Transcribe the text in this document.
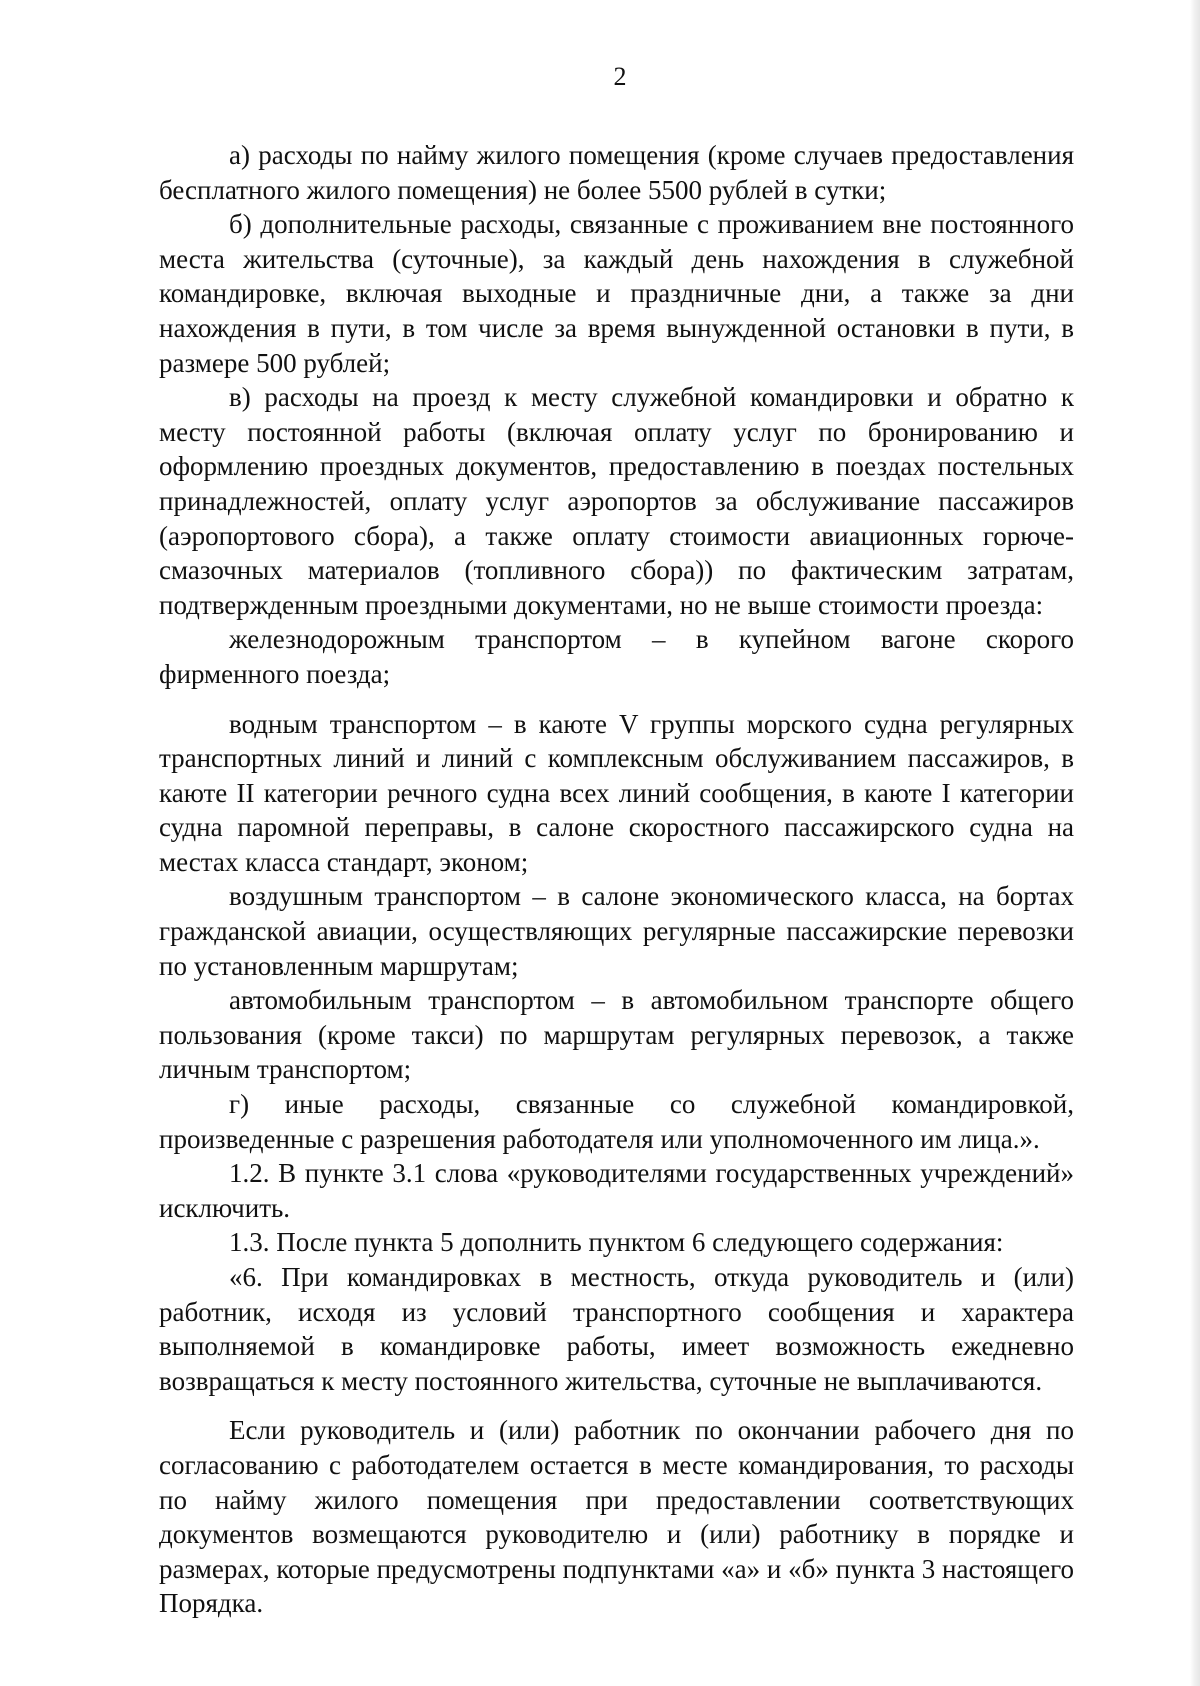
2

а) расходы по найму жилого помещения (кроме случаев предоставления бесплатного жилого помещения) не более 5500 рублей в сутки;

б) дополнительные расходы, связанные с проживанием вне постоянного места жительства (суточные), за каждый день нахождения в служебной командировке, включая выходные и праздничные дни, а также за дни нахождения в пути, в том числе за время вынужденной остановки в пути, в размере 500 рублей;

в) расходы на проезд к месту служебной командировки и обратно к месту постоянной работы (включая оплату услуг по бронированию и оформлению проездных документов, предоставлению в поездах постельных принадлежностей, оплату услуг аэропортов за обслуживание пассажиров (аэропортового сбора), а также оплату стоимости авиационных горюче-смазочных материалов (топливного сбора)) по фактическим затратам, подтвержденным проездными документами, но не выше стоимости проезда:

железнодорожным транспортом – в купейном вагоне скорого фирменного поезда;

водным транспортом – в каюте V группы морского судна регулярных транспортных линий и линий с комплексным обслуживанием пассажиров, в каюте II категории речного судна всех линий сообщения, в каюте I категории судна паромной переправы, в салоне скоростного пассажирского судна на местах класса стандарт, эконом;

воздушным транспортом – в салоне экономического класса, на бортах гражданской авиации, осуществляющих регулярные пассажирские перевозки по установленным маршрутам;

автомобильным транспортом – в автомобильном транспорте общего пользования (кроме такси) по маршрутам регулярных перевозок, а также личным транспортом;

г) иные расходы, связанные со служебной командировкой, произведенные с разрешения работодателя или уполномоченного им лица.».

1.2. В пункте 3.1 слова «руководителями государственных учреждений» исключить.

1.3. После пункта 5 дополнить пунктом 6 следующего содержания:

«6. При командировках в местность, откуда руководитель и (или) работник, исходя из условий транспортного сообщения и характера выполняемой в командировке работы, имеет возможность ежедневно возвращаться к месту постоянного жительства, суточные не выплачиваются.

Если руководитель и (или) работник по окончании рабочего дня по согласованию с работодателем остается в месте командирования, то расходы по найму жилого помещения при предоставлении соответствующих документов возмещаются руководителю и (или) работнику в порядке и размерах, которые предусмотрены подпунктами «а» и «б» пункта 3 настоящего Порядка.
